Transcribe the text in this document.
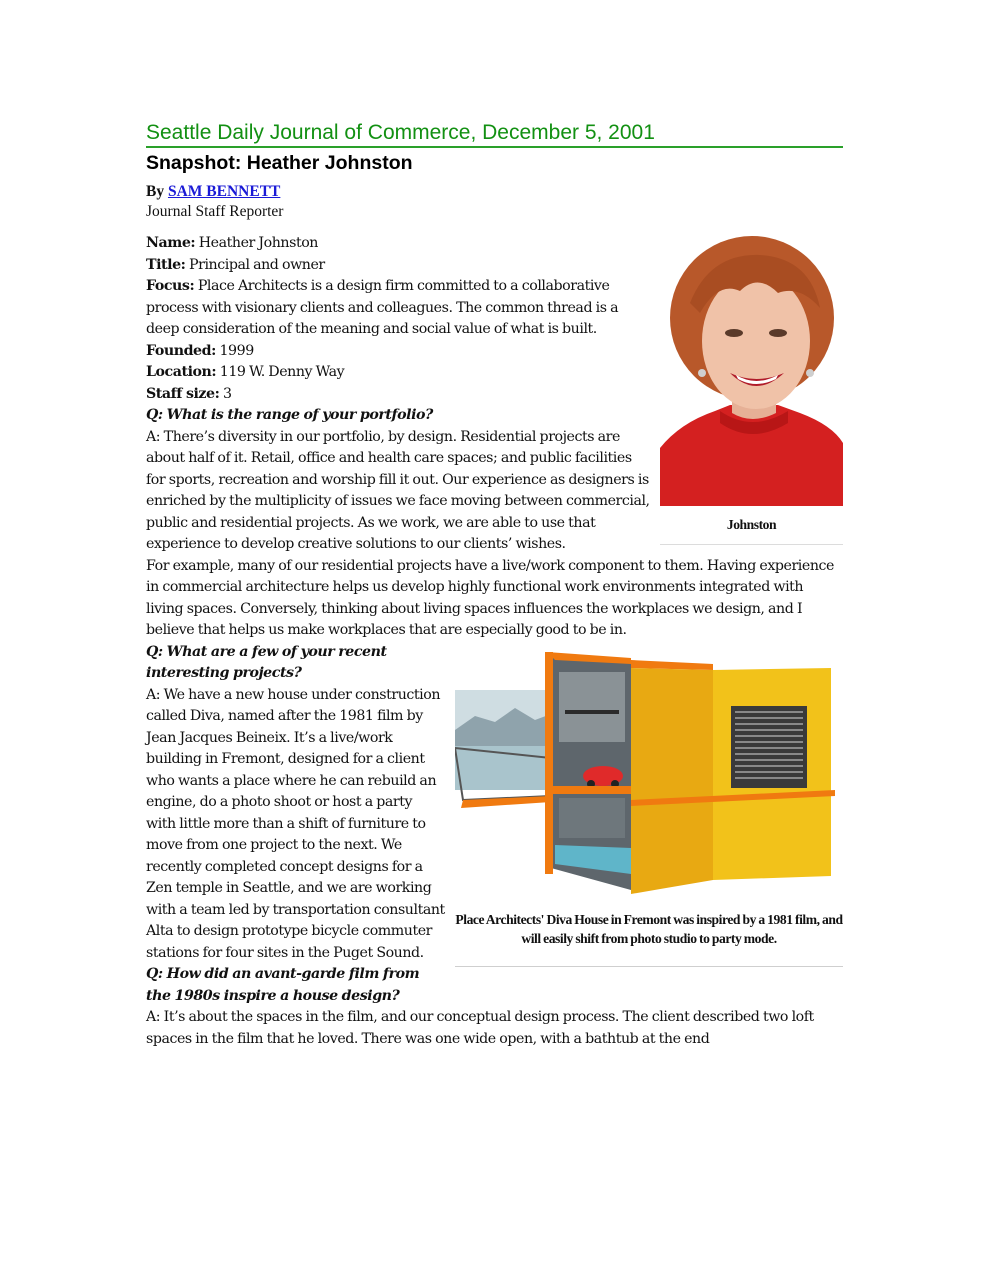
Seattle Daily Journal of Commerce, December 5, 2001
Snapshot: Heather Johnston
By SAM BENNETT
Journal Staff Reporter
Johnston

Name: Heather Johnston

Title: Principal and owner

Focus: Place Architects is a design firm committed to a collaborative process with visionary clients and colleagues. The common thread is a deep consideration of the meaning and social value of what is built.

Founded: 1999

Location: 119 W. Denny Way

Staff size: 3

Q: What is the range of your portfolio?

A: There’s diversity in our portfolio, by design. Residential projects are about half of it. Retail, office and health care spaces; and public facilities for sports, recreation and worship fill it out. Our experience as designers is enriched by the multiplicity of issues we face moving between commercial, public and residential projects. As we work, we are able to use that experience to develop creative solutions to our clients’ wishes.

For example, many of our residential projects have a live/work component to them. Having experience in commercial architecture helps us develop highly functional work environments integrated with living spaces. Conversely, thinking about living spaces influences the workplaces we design, and I believe that helps us make workplaces that are especially good to be in.

Place Architects' Diva House in Fremont was inspired by a 1981 film, and will easily shift from photo studio to party mode.

Q: What are a few of your recent interesting projects?

A: We have a new house under construction called Diva, named after the 1981 film by Jean Jacques Beineix. It’s a live/work building in Fremont, designed for a client who wants a place where he can rebuild an engine, do a photo shoot or host a party with little more than a shift of furniture to move from one project to the next. We recently completed concept designs for a Zen temple in Seattle, and we are working with a team led by transportation consultant Alta to design prototype bicycle commuter stations for four sites in the Puget Sound.

Q: How did an avant-garde film from the 1980s inspire a house design?

A: It’s about the spaces in the film, and our conceptual design process. The client described two loft spaces in the film that he loved. There was one wide open, with a bathtub at the end
